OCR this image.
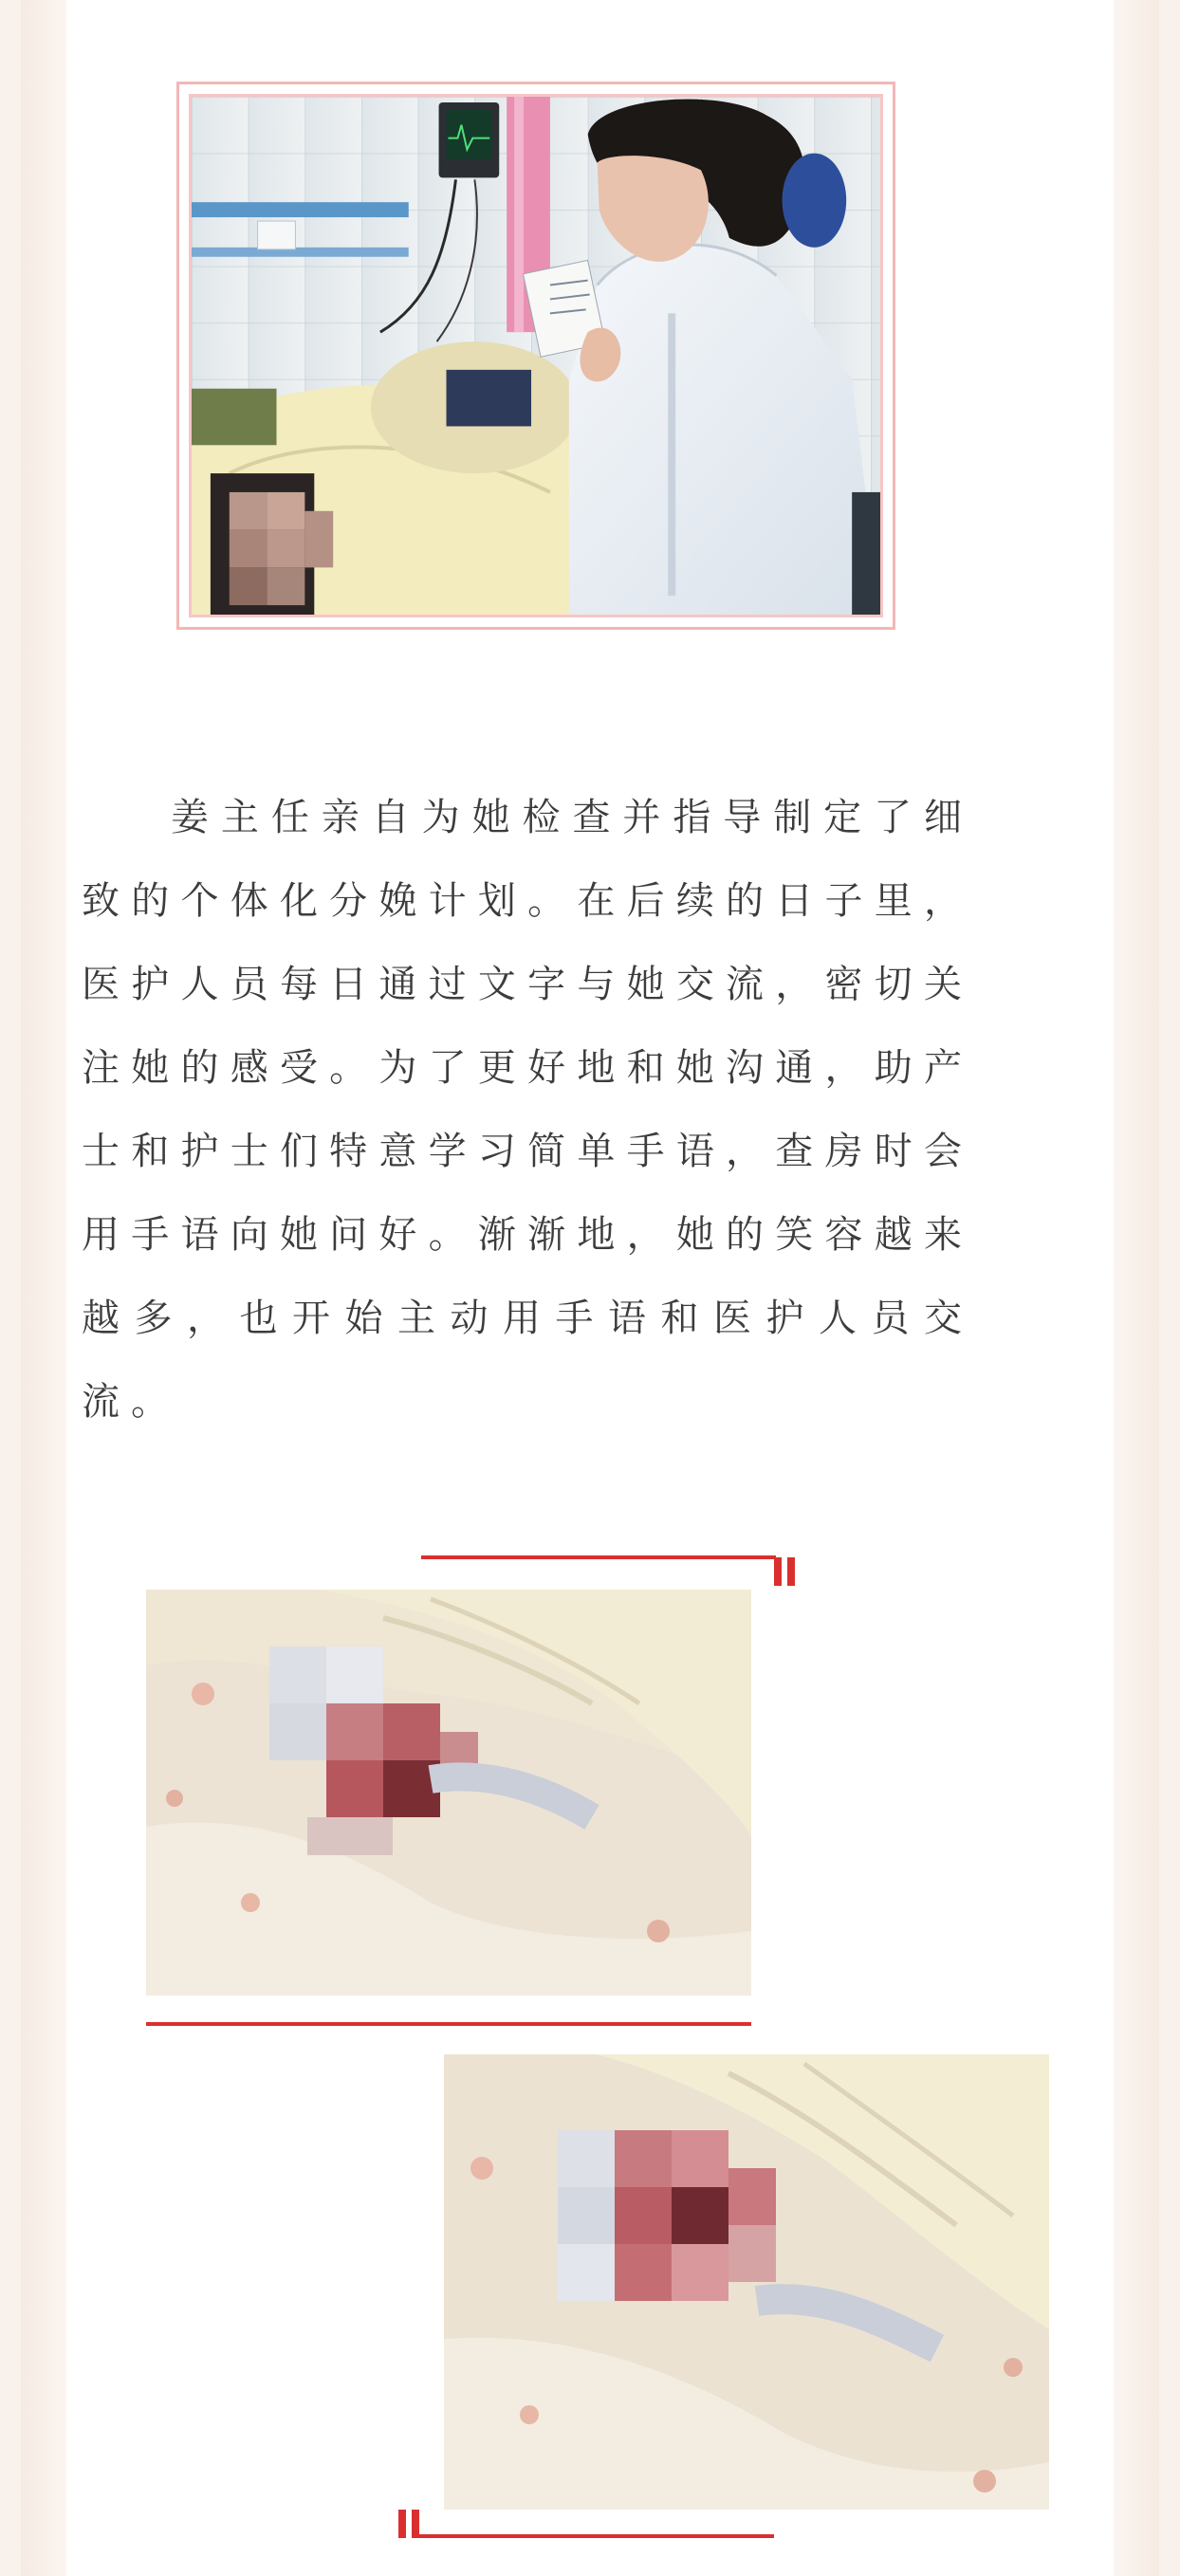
姜主任亲自为她检查并指导制定了细致的个体化分娩计划。在后续的日子里，医护人员每日通过文字与她交流，密切关注她的感受。为了更好地和她沟通，助产士和护士们特意学习简单手语，查房时会用手语向她问好。渐渐地，她的笑容越来越多，也开始主动用手语和医护人员交流。
